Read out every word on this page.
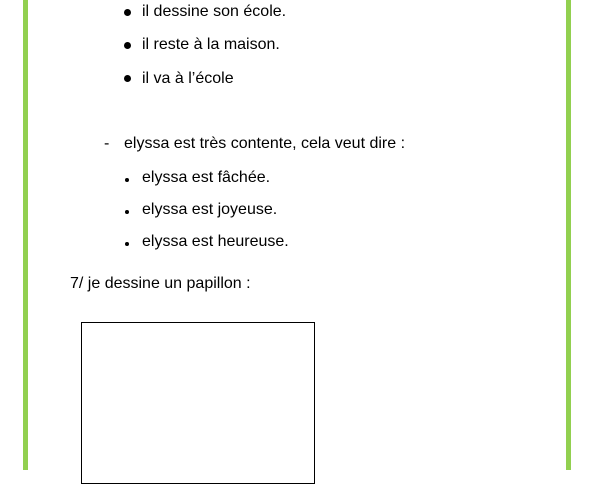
il dessine son école.
il reste à la maison.
il va à l’école
- elyssa est très contente, cela veut dire :
elyssa est fâchée.
elyssa est joyeuse.
elyssa est heureuse.
7/ je dessine un papillon :
